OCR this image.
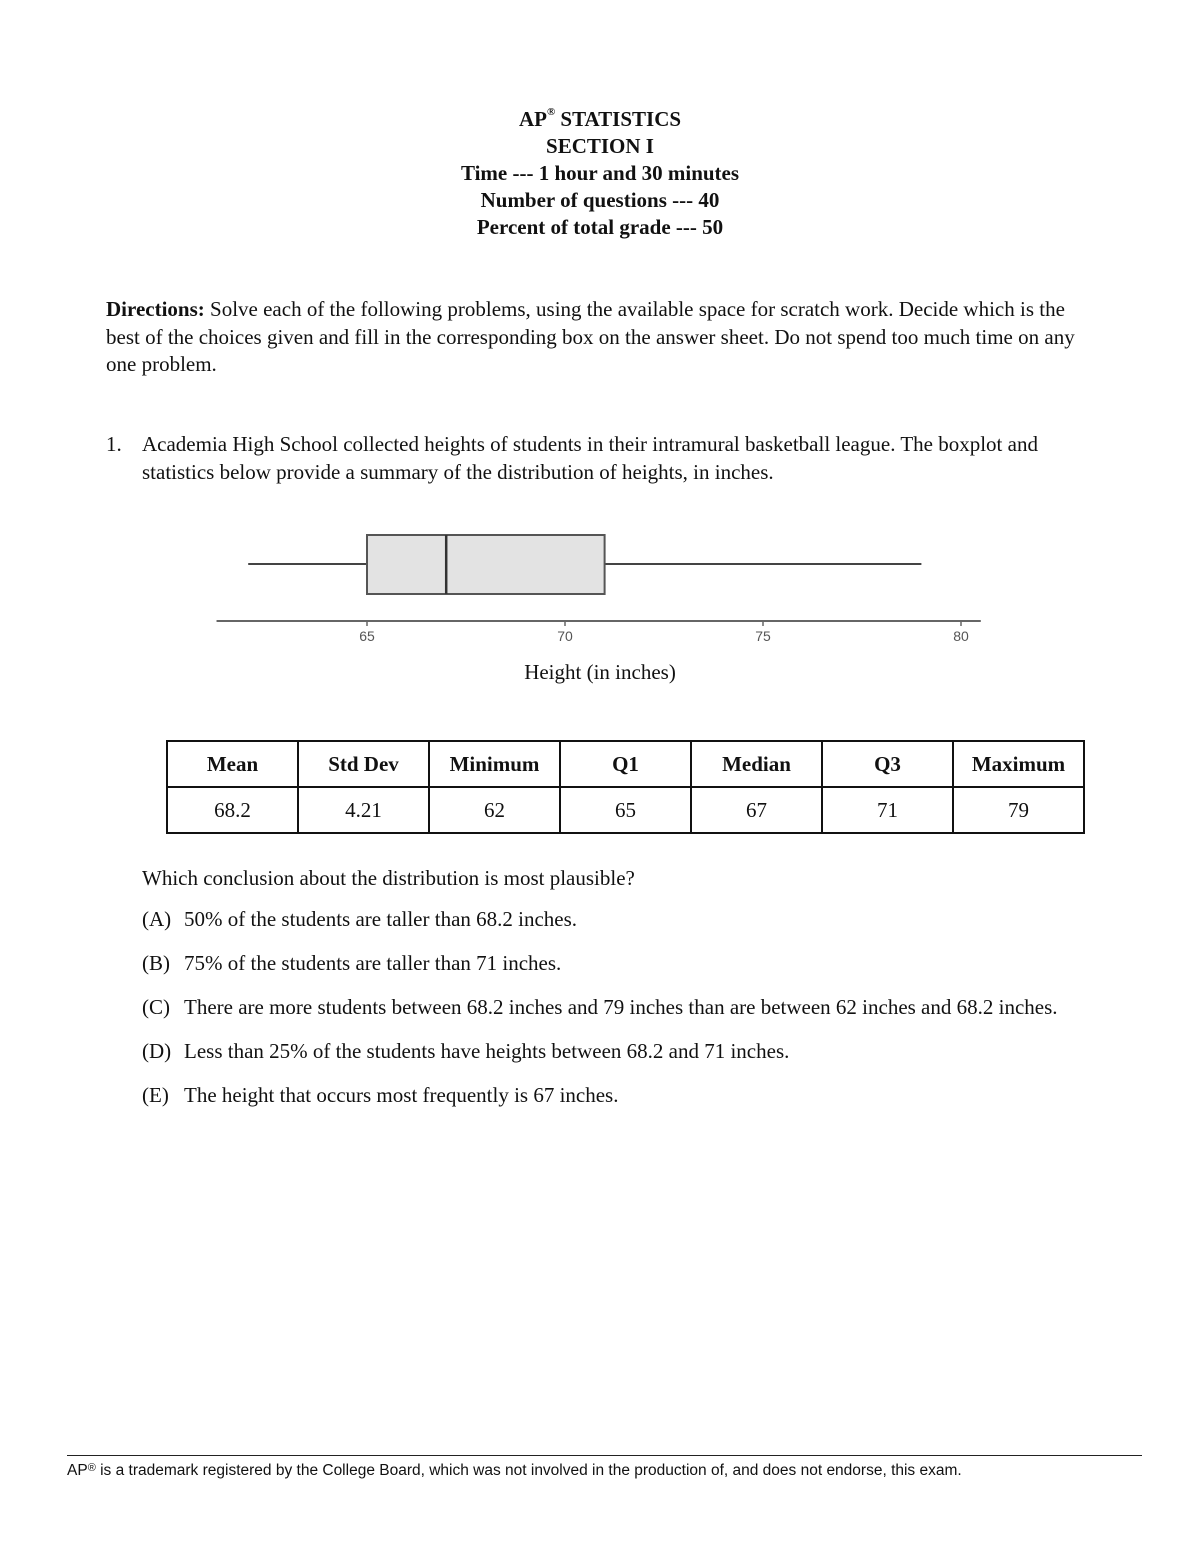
AP® STATISTICS
SECTION I
Time --- 1 hour and 30 minutes
Number of questions --- 40
Percent of total grade --- 50
Directions: Solve each of the following problems, using the available space for scratch work. Decide which is the best of the choices given and fill in the corresponding box on the answer sheet. Do not spend too much time on any one problem.
1. Academia High School collected heights of students in their intramural basketball league. The boxplot and statistics below provide a summary of the distribution of heights, in inches.
65	70	75	80
Height (in inches)
Mean	Std Dev	Minimum	Q1	Median	Q3	Maximum
68.2	4.21	62	65	67	71	79
Which conclusion about the distribution is most plausible?
(A) 50% of the students are taller than 68.2 inches.
(B) 75% of the students are taller than 71 inches.
(C) There are more students between 68.2 inches and 79 inches than are between 62 inches and 68.2 inches.
(D) Less than 25% of the students have heights between 68.2 and 71 inches.
(E) The height that occurs most frequently is 67 inches.
AP® is a trademark registered by the College Board, which was not involved in the production of, and does not endorse, this exam.
